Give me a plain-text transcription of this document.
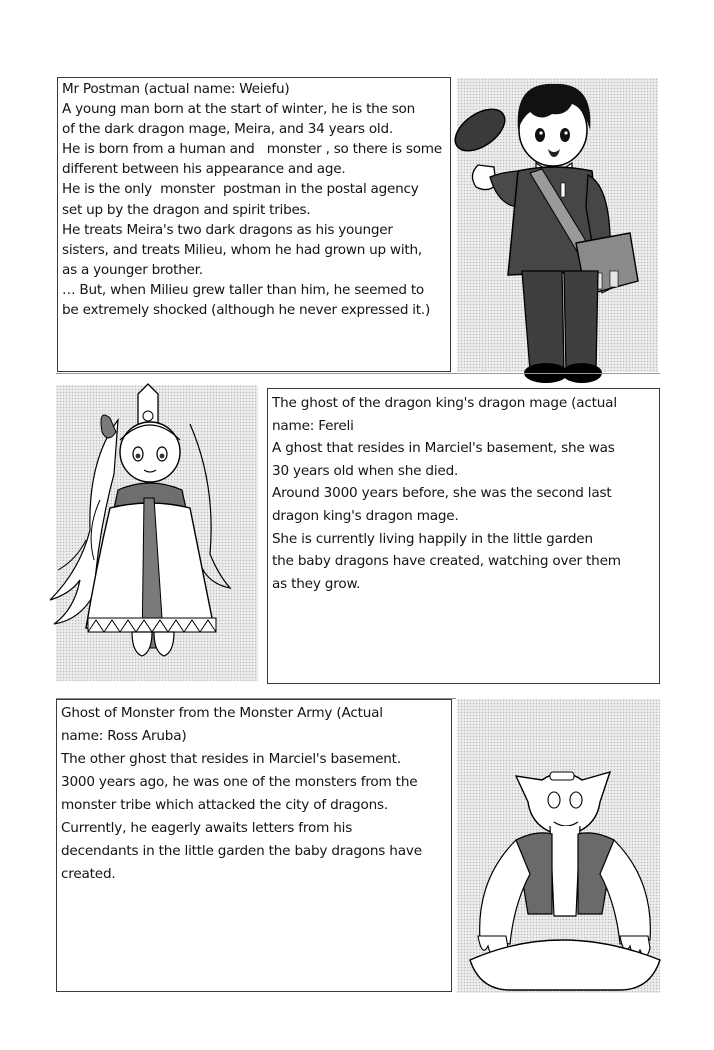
Mr Postman (actual name: Weiefu)

A young man born at the start of winter, he is the son

of the dark dragon mage, Meira, and 34 years old.

He is born from a human and   monster , so there is some

different between his appearance and age.

He is the only  monster  postman in the postal agency

set up by the dragon and spirit tribes.

He treats Meira's two dark dragons as his younger

sisters, and treats Milieu, whom he had grown up with,

as a younger brother.

… But, when Milieu grew taller than him, he seemed to

be extremely shocked (although he never expressed it.)

The ghost of the dragon king's dragon mage (actual

name: Fereli

A ghost that resides in Marciel's basement, she was

30 years old when she died.

Around 3000 years before, she was the second last

dragon king's dragon mage.

She is currently living happily in the little garden

the baby dragons have created, watching over them

as they grow.

Ghost of Monster from the Monster Army (Actual

name: Ross Aruba)

The other ghost that resides in Marciel's basement.

3000 years ago, he was one of the monsters from the

monster tribe which attacked the city of dragons.

Currently, he eagerly awaits letters from his

decendants in the little garden the baby dragons have

created.
